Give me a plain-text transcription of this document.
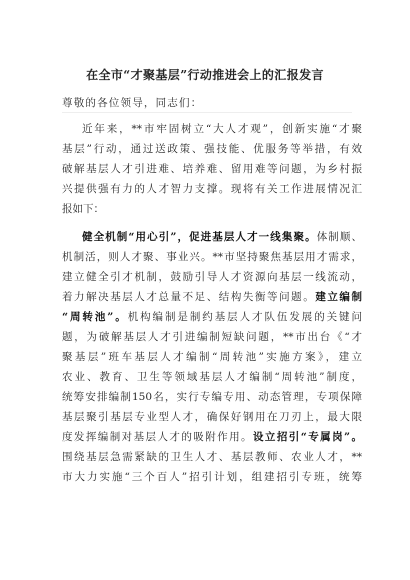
在全市“才聚基层”行动推进会上的汇报发言
尊敬的各位领导，同志们：
近年来，**市牢固树立“大人才观”，创新实施“才聚
基层”行动，通过送政策、强技能、优服务等举措，有效
破解基层人才引进难、培养难、留用难等问题，为乡村振
兴提供强有力的人才智力支撑。现将有关工作进展情况汇
报如下：
健全机制“用心引”，促进基层人才一线集聚。体制顺、
机制活，则人才聚、事业兴。**市坚持聚焦基层用才需求，
建立健全引才机制，鼓励引导人才资源向基层一线流动，
着力解决基层人才总量不足、结构失衡等问题。建立编制
“周转池”。机构编制是制约基层人才队伍发展的关键问
题，为破解基层人才引进编制短缺问题，**市出台《“才
聚基层”班车基层人才编制“周转池”实施方案》，建立
农业、教育、卫生等领域基层人才编制“周转池”制度，
统筹安排编制150名，实行专编专用、动态管理，专项保障
基层聚引基层专业型人才，确保好钢用在刀刃上，最大限
度发挥编制对基层人才的吸附作用。设立招引“专属岗”。
围绕基层急需紧缺的卫生人才、基层教师、农业人才，**
市大力实施“三个百人”招引计划，组建招引专班，统筹
